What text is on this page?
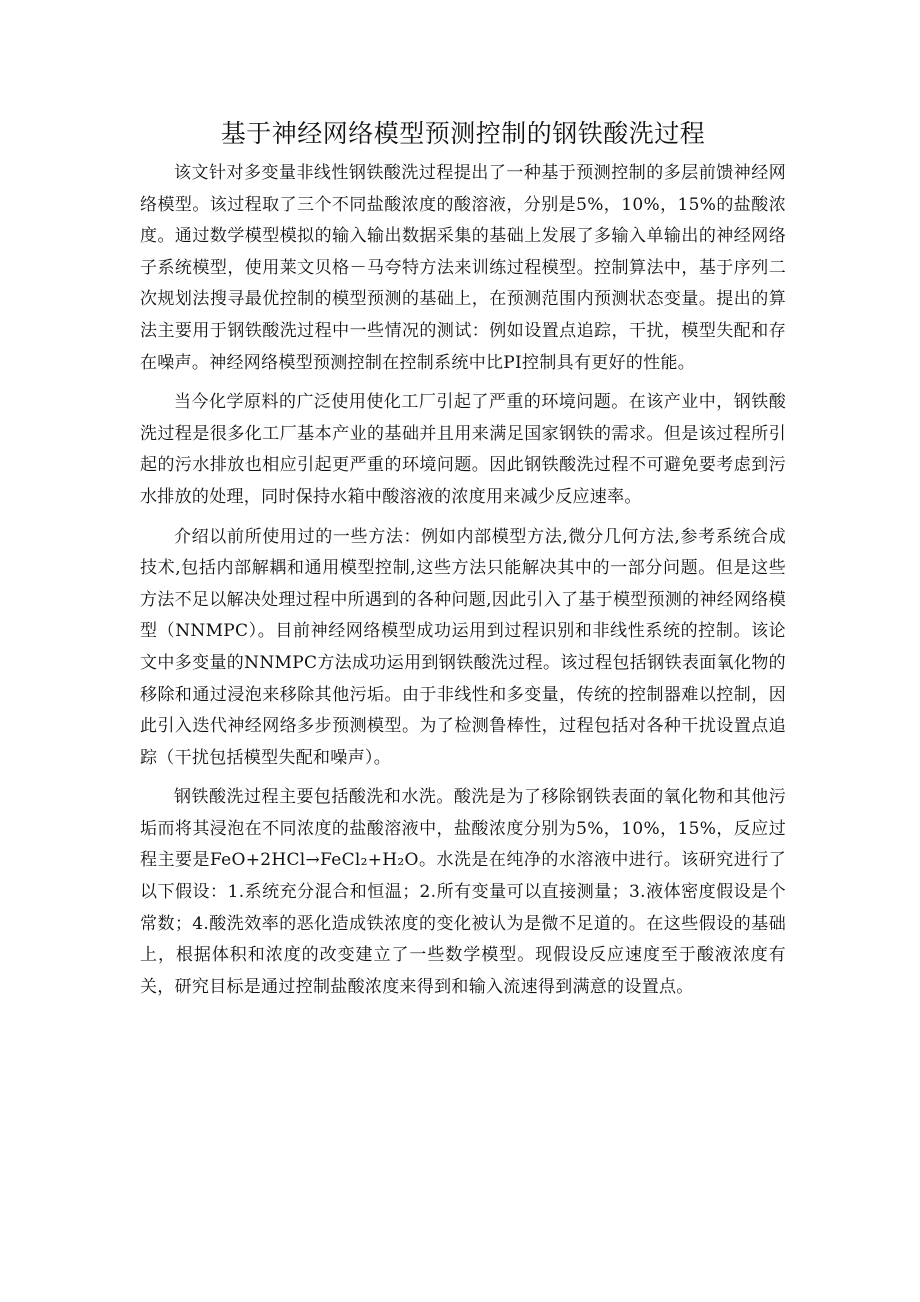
基于神经网络模型预测控制的钢铁酸洗过程

该文针对多变量非线性钢铁酸洗过程提出了一种基于预测控制的多层前馈神经网络模型。该过程取了三个不同盐酸浓度的酸溶液，分别是5%，10%，15%的盐酸浓度。通过数学模型模拟的输入输出数据采集的基础上发展了多输入单输出的神经网络子系统模型，使用莱文贝格－马夸特方法来训练过程模型。控制算法中，基于序列二次规划法搜寻最优控制的模型预测的基础上，在预测范围内预测状态变量。提出的算法主要用于钢铁酸洗过程中一些情况的测试：例如设置点追踪，干扰，模型失配和存在噪声。神经网络模型预测控制在控制系统中比PI控制具有更好的性能。

当今化学原料的广泛使用使化工厂引起了严重的环境问题。在该产业中，钢铁酸洗过程是很多化工厂基本产业的基础并且用来满足国家钢铁的需求。但是该过程所引起的污水排放也相应引起更严重的环境问题。因此钢铁酸洗过程不可避免要考虑到污水排放的处理，同时保持水箱中酸溶液的浓度用来减少反应速率。

介绍以前所使用过的一些方法：例如内部模型方法,微分几何方法,参考系统合成技术,包括内部解耦和通用模型控制,这些方法只能解决其中的一部分问题。但是这些方法不足以解决处理过程中所遇到的各种问题,因此引入了基于模型预测的神经网络模型（NNMPC）。目前神经网络模型成功运用到过程识别和非线性系统的控制。该论文中多变量的NNMPC方法成功运用到钢铁酸洗过程。该过程包括钢铁表面氧化物的移除和通过浸泡来移除其他污垢。由于非线性和多变量，传统的控制器难以控制，因此引入迭代神经网络多步预测模型。为了检测鲁棒性，过程包括对各种干扰设置点追踪（干扰包括模型失配和噪声）。

钢铁酸洗过程主要包括酸洗和水洗。酸洗是为了移除钢铁表面的氧化物和其他污垢而将其浸泡在不同浓度的盐酸溶液中，盐酸浓度分别为5%，10%，15%，反应过程主要是FeO+2HCl→FeCl₂+H₂O。水洗是在纯净的水溶液中进行。该研究进行了以下假设：1.系统充分混合和恒温；2.所有变量可以直接测量；3.液体密度假设是个常数；4.酸洗效率的恶化造成铁浓度的变化被认为是微不足道的。在这些假设的基础上，根据体积和浓度的改变建立了一些数学模型。现假设反应速度至于酸液浓度有关，研究目标是通过控制盐酸浓度来得到和输入流速得到满意的设置点。
